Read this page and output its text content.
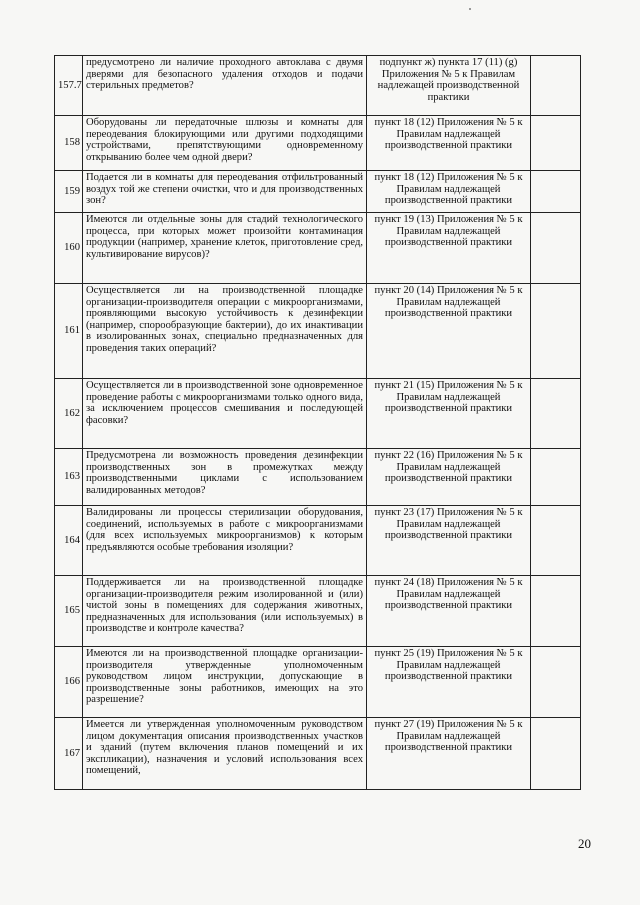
157.7	предусмотрено ли наличие проходного автоклава с двумя дверями для безопасного удаления отходов и подачи стерильных предметов?	подпункт ж) пункта 17 (11) (g) Приложения № 5 к Правилам надлежащей производственной практики	
158	Оборудованы ли передаточные шлюзы и комнаты для переодевания блокирующими или другими подходящими устройствами, препятствующими одновременному открыванию более чем одной двери?	пункт 18 (12) Приложения № 5 к Правилам надлежащей производственной практики	
159	Подается ли в комнаты для переодевания отфильтрованный воздух той же степени очистки, что и для производственных зон?	пункт 18 (12) Приложения № 5 к Правилам надлежащей производственной практики	
160	Имеются ли отдельные зоны для стадий технологического процесса, при которых может произойти контаминация продукции (например, хранение клеток, приготовление сред, культивирование вирусов)?	пункт 19 (13) Приложения № 5 к Правилам надлежащей производственной практики	
161	Осуществляется ли на производственной площадке организации-производителя операции с микроорганизмами, проявляющими высокую устойчивость к дезинфекции (например, спорообразующие бактерии), до их инактивации в изолированных зонах, специально предназначенных для проведения таких операций?	пункт 20 (14) Приложения № 5 к Правилам надлежащей производственной практики	
162	Осуществляется ли в производственной зоне одновременное проведение работы с микроорганизмами только одного вида, за исключением процессов смешивания и последующей фасовки?	пункт 21 (15) Приложения № 5 к Правилам надлежащей производственной практики	
163	Предусмотрена ли возможность проведения дезинфекции производственных зон в промежутках между производственными циклами с использованием валидированных методов?	пункт 22 (16) Приложения № 5 к Правилам надлежащей производственной практики	
164	Валидированы ли процессы стерилизации оборудования, соединений, используемых в работе с микроорганизмами (для всех используемых микроорганизмов) к которым предъявляются особые требования изоляции?	пункт 23 (17) Приложения № 5 к Правилам надлежащей производственной практики	
165	Поддерживается ли на производственной площадке организации-производителя режим изолированной и (или) чистой зоны в помещениях для содержания животных, предназначенных для использования (или используемых) в производстве и контроле качества?	пункт 24 (18) Приложения № 5 к Правилам надлежащей производственной практики	
166	Имеются ли на производственной площадке организации-производителя утвержденные уполномоченным руководством лицом инструкции, допускающие в производственные зоны работников, имеющих на это разрешение?	пункт 25 (19) Приложения № 5 к Правилам надлежащей производственной практики	
167	Имеется ли утвержденная уполномоченным руководством лицом документация описания производственных участков и зданий (путем включения планов помещений и их экспликации), назначения и условий использования всех помещений,	пункт 27 (19) Приложения № 5 к Правилам надлежащей производственной практики	
20
